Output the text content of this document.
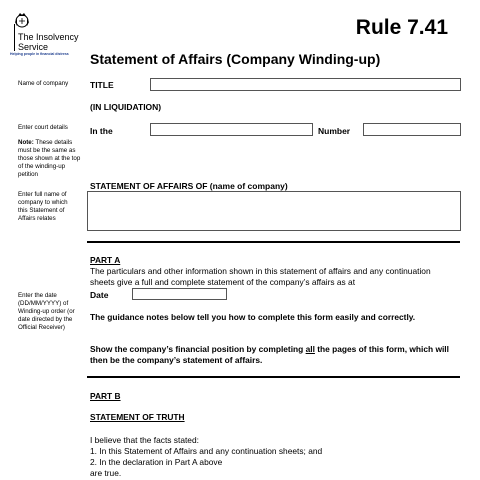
The Insolvency
Service
Helping people in financial distress
Rule 7.41
Statement of Affairs (Company Winding-up)
Name of company
Enter court details
Note: These details must be the same as those shown at the top of the winding-up petition
Enter full name of company to which this Statement of Affairs relates
Enter the date (DD/MM/YYYY) of Winding-up order (or date directed by the Official Receiver)
TITLE
(IN LIQUIDATION)
In the	Number
STATEMENT OF AFFAIRS OF (name of company)
PART A
The particulars and other information shown in this statement of affairs and any continuation sheets give a full and complete statement of the company’s affairs as at
Date
The guidance notes below tell you how to complete this form easily and correctly.
Show the company’s financial position by completing all the pages of this form, which will then be the company’s statement of affairs.
PART B
STATEMENT OF TRUTH
I believe that the facts stated:
1. In this Statement of Affairs and any continuation sheets; and
2. In the declaration in Part A above
are true.
